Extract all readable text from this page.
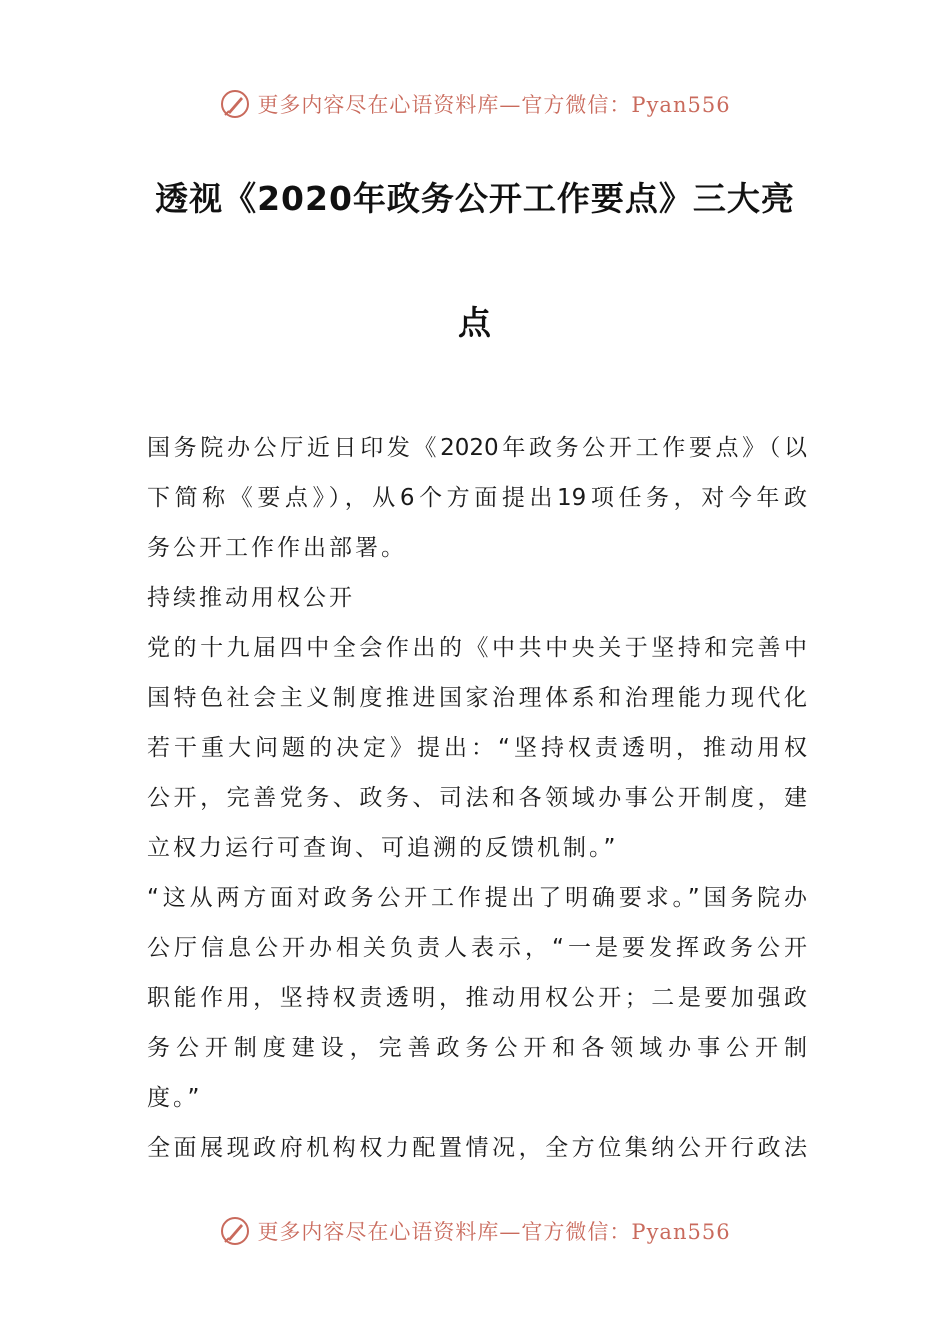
更多内容尽在心语资料库—官方微信：Pyan556
透视《2020年政务公开工作要点》三大亮
点
国务院办公厅近日印发《2020年政务公开工作要点》（以
下简称《要点》），从6个方面提出19项任务，对今年政
务公开工作作出部署。
持续推动用权公开
党的十九届四中全会作出的《中共中央关于坚持和完善中
国特色社会主义制度推进国家治理体系和治理能力现代化
若干重大问题的决定》提出：“坚持权责透明，推动用权
公开，完善党务、政务、司法和各领域办事公开制度，建
立权力运行可查询、可追溯的反馈机制。”
“这从两方面对政务公开工作提出了明确要求。”国务院办
公厅信息公开办相关负责人表示，“一是要发挥政务公开
职能作用，坚持权责透明，推动用权公开；二是要加强政
务公开制度建设，完善政务公开和各领域办事公开制
度。”
全面展现政府机构权力配置情况，全方位集纳公开行政法
更多内容尽在心语资料库—官方微信：Pyan556
